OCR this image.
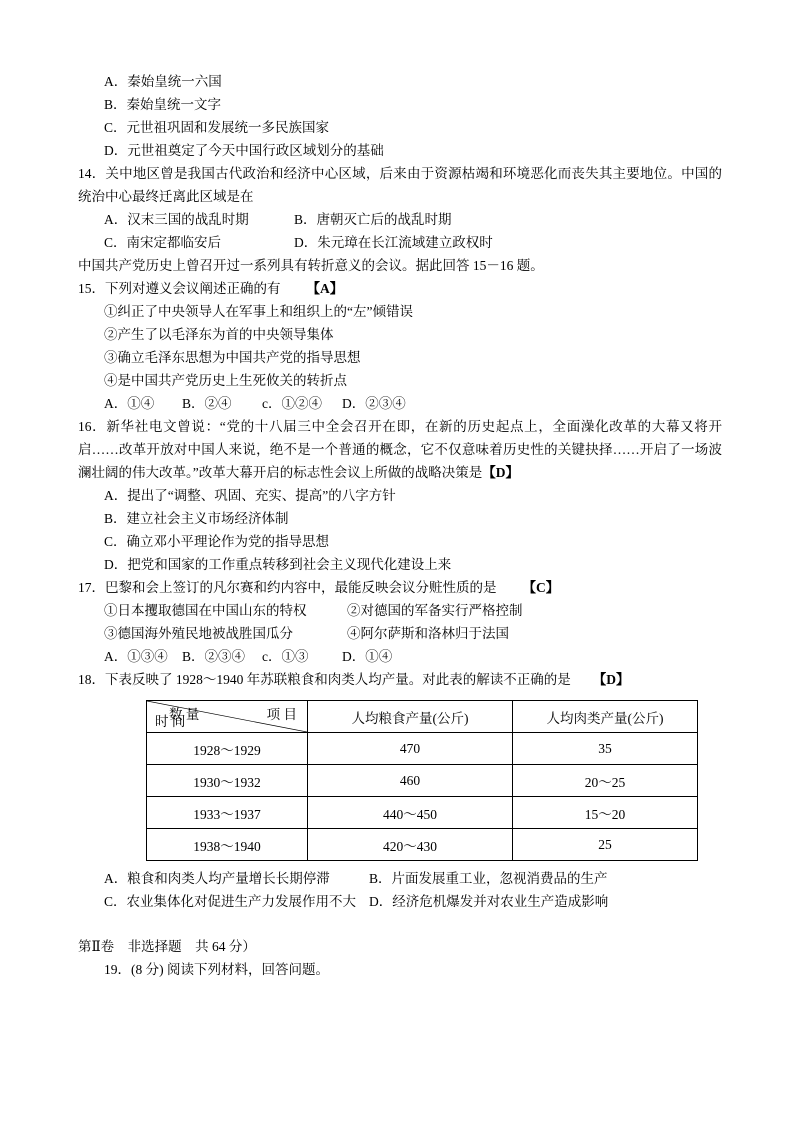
A．秦始皇统一六国
B．秦始皇统一文字
C．元世祖巩固和发展统一多民族国家
D．元世祖奠定了今天中国行政区域划分的基础
14．关中地区曾是我国古代政治和经济中心区域，后来由于资源枯竭和环境恶化而丧失其主要地位。中国的统治中心最终迁离此区域是在
A．汉末三国的战乱时期	B．唐朝灭亡后的战乱时期
C．南宋定都临安后	D．朱元璋在长江流域建立政权时
中国共产党历史上曾召开过一系列具有转折意义的会议。据此回答 15－16 题。
15．下列对遵义会议阐述正确的有 【A】
①纠正了中央领导人在军事上和组织上的“左”倾错误
②产生了以毛泽东为首的中央领导集体
③确立毛泽东思想为中国共产党的指导思想
④是中国共产党历史上生死攸关的转折点
A．①④	B．②④	c．①②④	D．②③④
16．新华社电文曾说：“党的十八届三中全会召开在即，在新的历史起点上，全面澡化改革的大幕又将开启……改革开放对中国人来说，绝不是一个普通的概念，它不仅意味着历史性的关键抉择……开启了一场波澜壮阔的伟大改革。”改革大幕开启的标志性会议上所做的战略决策是【D】
A．提出了“调整、巩固、充实、提高”的八字方针
B．建立社会主义市场经济体制
C．确立邓小平理论作为党的指导思想
D．把党和国家的工作重点转移到社会主义现代化建设上来
17．巴黎和会上签订的凡尔赛和约内容中，最能反映会议分赃性质的是 【C】
①日本攫取德国在中国山东的特权	②对德国的军备实行严格控制
③德国海外殖民地被战胜国瓜分	④阿尔萨斯和洛林归于法国
A．①③④	B．②③④	c．①③	D．①④
18．下表反映了 1928～1940 年苏联粮食和肉类人均产量。对此表的解读不正确的是 【D】
数 量 项 目
时 间	人均粮食产量(公斤)	人均肉类产量(公斤)
1928～1929	470	35
1930～1932	460	20～25
1933～1937	440～450	15～20
1938～1940	420～430	25
A．粮食和肉类人均产量增长长期停滞	B．片面发展重工业，忽视消费品的生产
C．农业集体化对促进生产力发展作用不大 D．经济危机爆发并对农业生产造成影响
第Ⅱ卷　非选择题　共 64 分）
19．(8 分) 阅读下列材料，回答问题。
